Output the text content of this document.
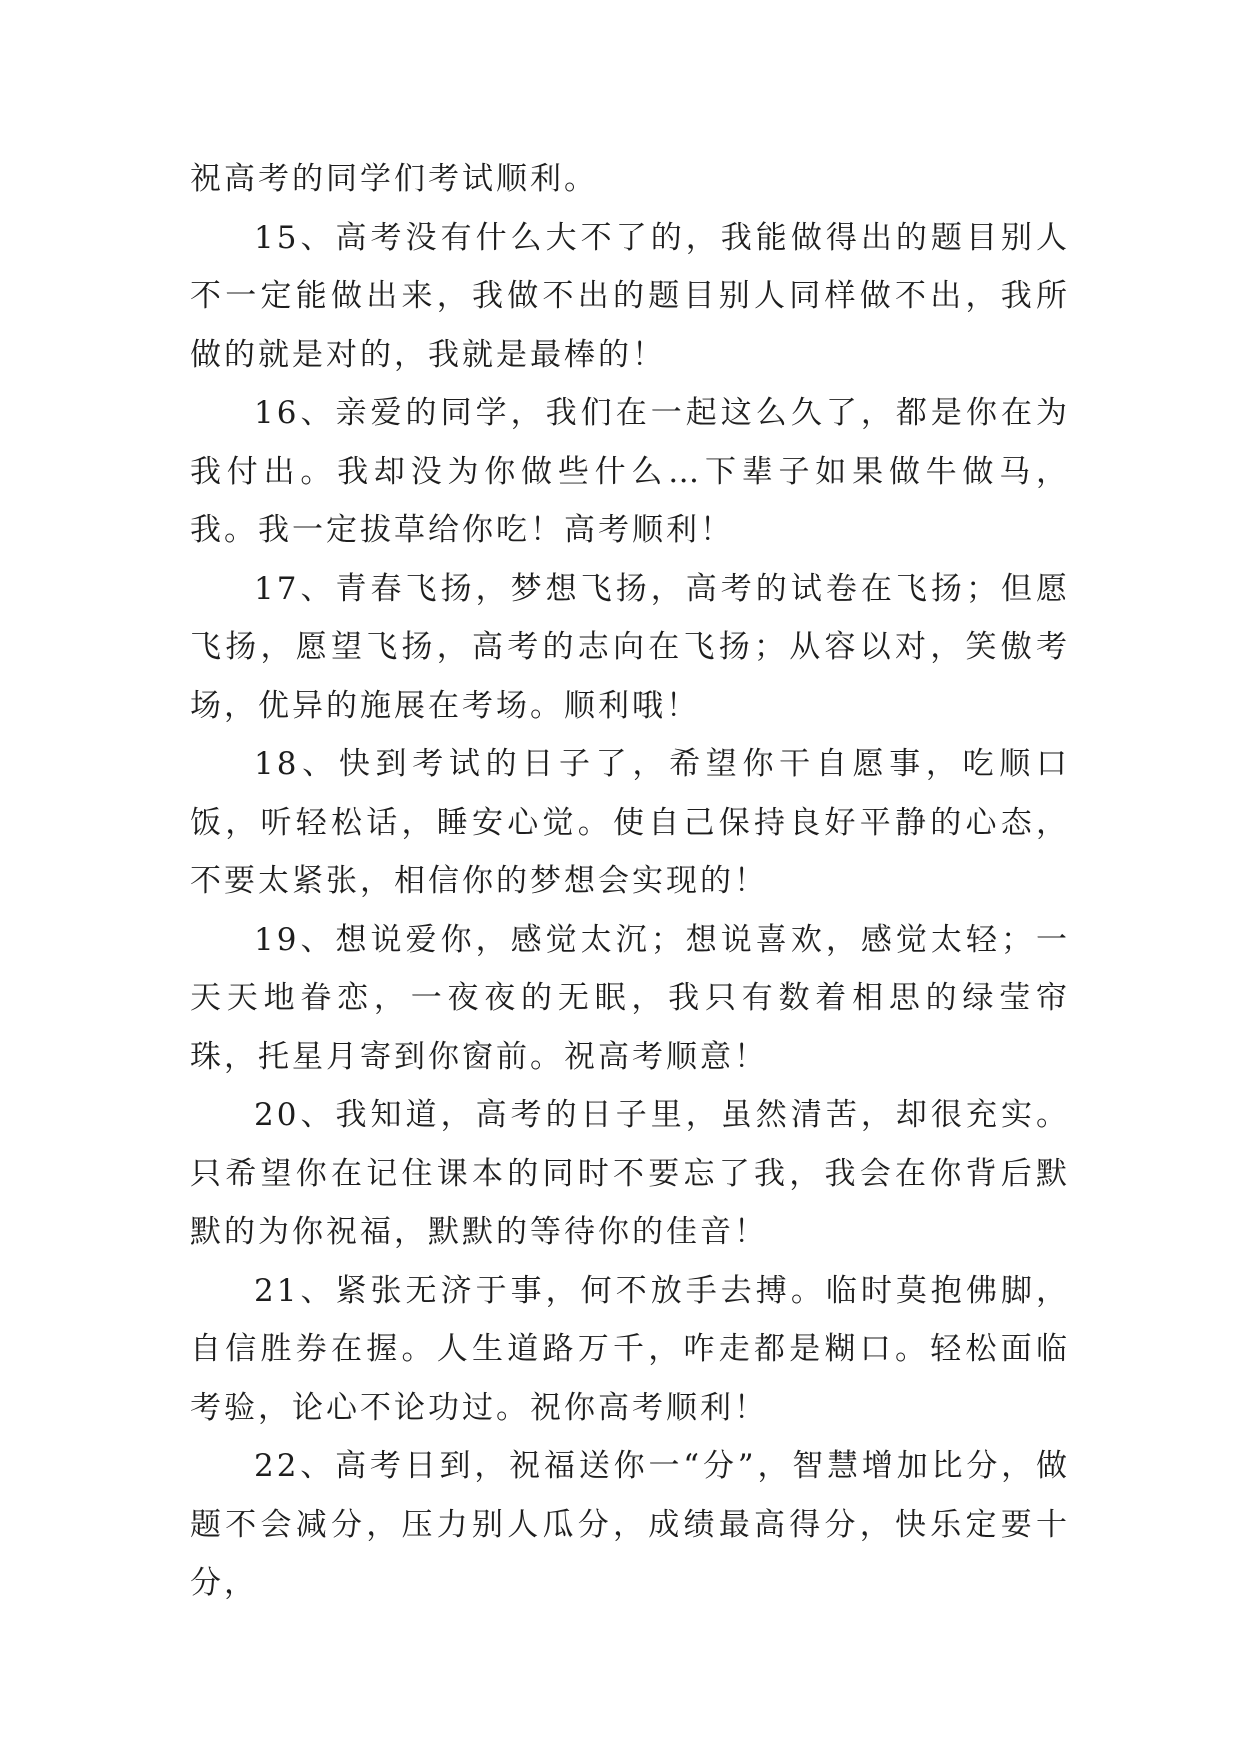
祝高考的同学们考试顺利。

15、高考没有什么大不了的，我能做得出的题目别人不一定能做出来，我做不出的题目别人同样做不出，我所做的就是对的，我就是最棒的！

16、亲爱的同学，我们在一起这么久了，都是你在为我付出。我却没为你做些什么…下辈子如果做牛做马，我。我一定拔草给你吃！高考顺利！

17、青春飞扬，梦想飞扬，高考的试卷在飞扬；但愿飞扬，愿望飞扬，高考的志向在飞扬；从容以对，笑傲考场，优异的施展在考场。顺利哦！

18、快到考试的日子了，希望你干自愿事，吃顺口饭，听轻松话，睡安心觉。使自己保持良好平静的心态，不要太紧张，相信你的梦想会实现的！

19、想说爱你，感觉太沉；想说喜欢，感觉太轻；一天天地眷恋，一夜夜的无眠，我只有数着相思的绿莹帘珠，托星月寄到你窗前。祝高考顺意！

20、我知道，高考的日子里，虽然清苦，却很充实。只希望你在记住课本的同时不要忘了我，我会在你背后默默的为你祝福，默默的等待你的佳音！

21、紧张无济于事，何不放手去搏。临时莫抱佛脚，自信胜券在握。人生道路万千，咋走都是糊口。轻松面临考验，论心不论功过。祝你高考顺利！

22、高考日到，祝福送你一“分”，智慧增加比分，做题不会减分，压力别人瓜分，成绩最高得分，快乐定要十分，
